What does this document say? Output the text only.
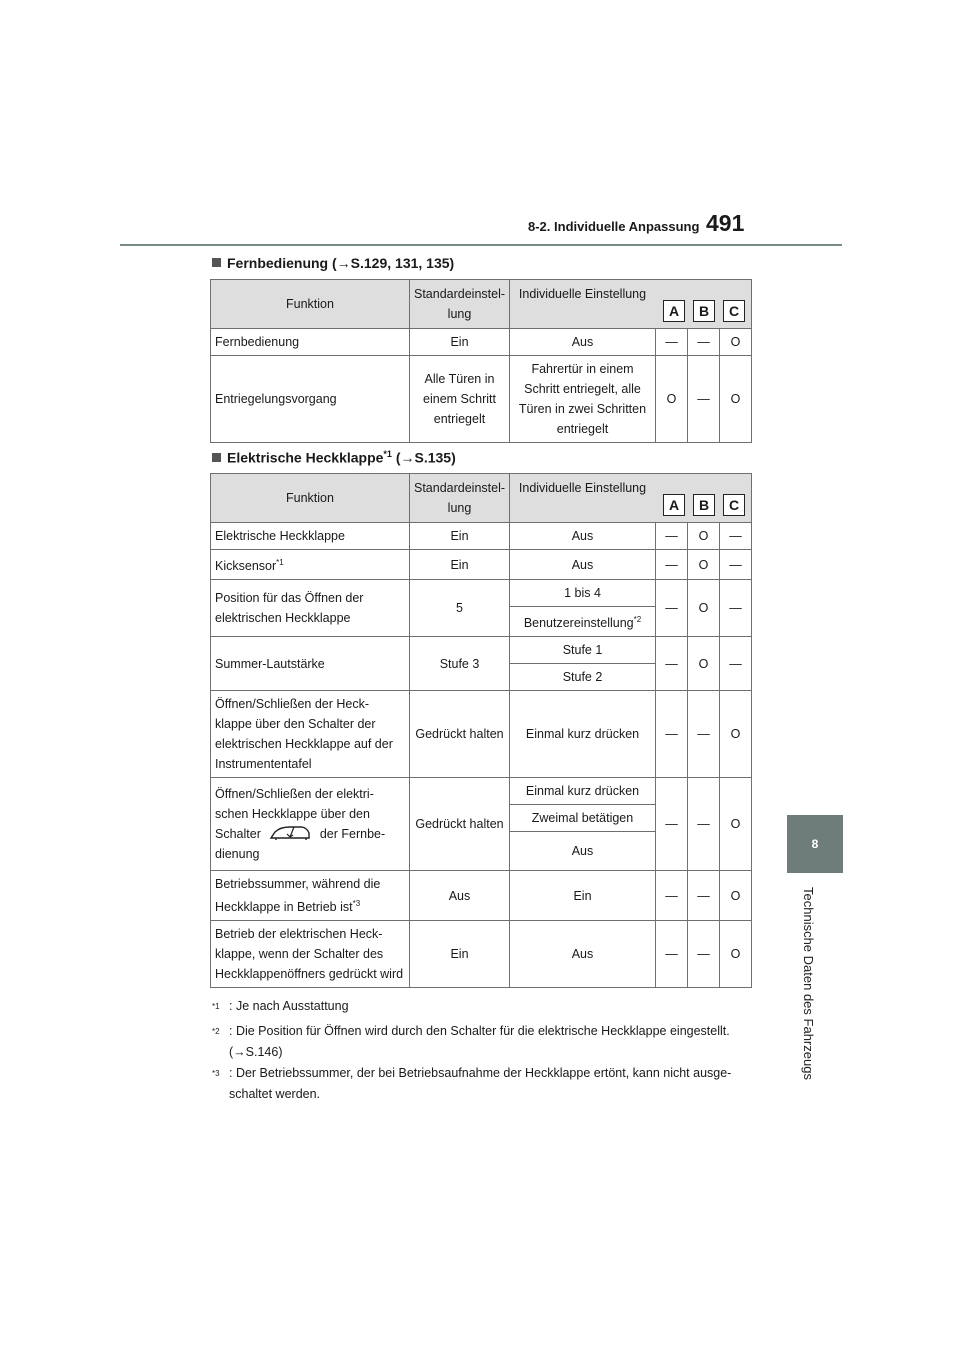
8-2. Individuelle Anpassung 491
8
Technische Daten des Fahrzeugs
Fernbedienung (→S.129, 131, 135)
Funktion	Standardeinstel-lung	Individuelle Einstellung
A B C			

Fernbedienung	Ein	Aus	—	—	O
Entriegelungsvorgang	Alle Türen in einem Schritt entriegelt	Fahrertür in einem Schritt entriegelt, alle Türen in zwei Schritten entriegelt	O	—	O
Elektrische Heckklappe$^{*1}$ (→S.135)
Funktion	Standardeinstel-lung	Individuelle Einstellung
A B C			

Elektrische Heckklappe	Ein	Aus	—	O	—
Kicksensor$^{*1}$	Ein	Aus	—	O	—
Position für das Öffnen der elektrischen Heckklappe	5	1 bis 4	—	O	—
		Benutzereinstellung$^{*2}$
Summer-Lautstärke	Stufe 3	Stufe 1	—	O	—
		Stufe 2			
Öffnen/Schließen der Heck-klappe über den Schalter der elektrischen Heckklappe auf der Instrumententafel	Gedrückt halten	Einmal kurz drücken	—	—	O
Öffnen/Schließen der elektri-schen Heckklappe über den Schalter der Fernbe-dienung	Gedrückt halten	Einmal kurz drücken	—	—	O
		Zweimal betätigen			
		Aus			
Betriebssummer, während die Heckklappe in Betrieb ist$^{*3}$	Aus	Ein	—	—	O
Betrieb der elektrischen Heck-klappe, wenn der Schalter des Heckklappenöffners gedrückt wird	Ein	Aus	—	—	O
$^{*1}$ : Je nach Ausstattung
$^{*2}$ : Die Position für Öffnen wird durch den Schalter für die elektrische Heckklappe eingestellt. (→S.146)
$^{*3}$ : Der Betriebssummer, der bei Betriebsaufnahme der Heckklappe ertönt, kann nicht ausge-schaltet werden.
